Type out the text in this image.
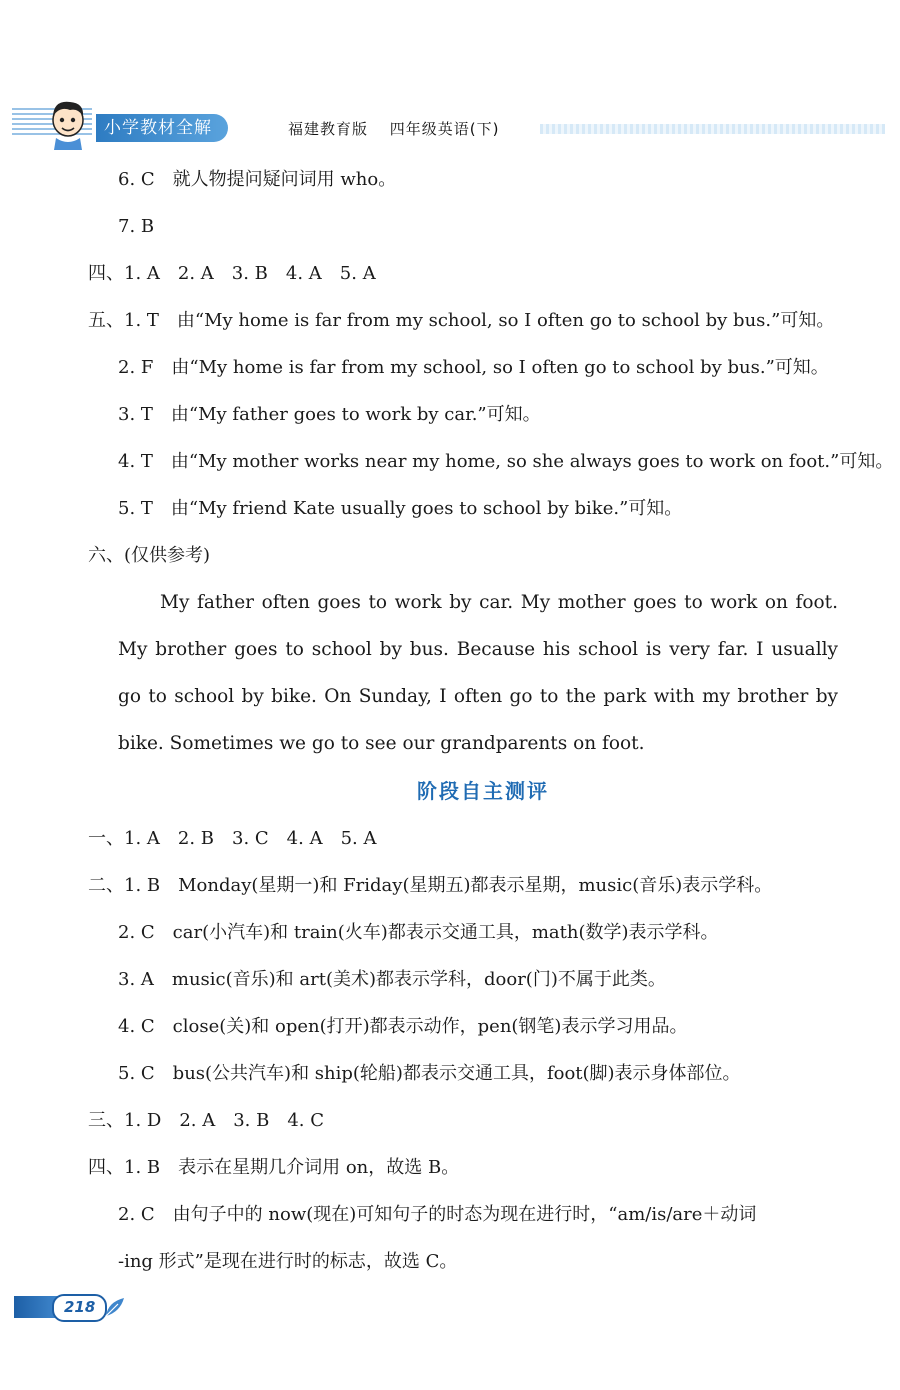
小学教材全解	福建教育版 四年级英语(下)
6. C　就人物提问疑问词用 who。
7. B
四、1. A　2. A　3. B　4. A　5. A
五、1. T　由“My home is far from my school, so I often go to school by bus.”可知。
2. F　由“My home is far from my school, so I often go to school by bus.”可知。
3. T　由“My father goes to work by car.”可知。
4. T　由“My mother works near my home, so she always goes to work on foot.”可知。
5. T　由“My friend Kate usually goes to school by bike.”可知。
六、(仅供参考)

My father often goes to work by car. My mother goes to work on foot. My brother goes to school by bus. Because his school is very far. I usually go to school by bike. On Sunday, I often go to the park with my brother by bike. Sometimes we go to see our grandparents on foot.

阶段自主测评
一、1. A　2. B　3. C　4. A　5. A
二、1. B　Monday(星期一)和 Friday(星期五)都表示星期，music(音乐)表示学科。
2. C　car(小汽车)和 train(火车)都表示交通工具，math(数学)表示学科。
3. A　music(音乐)和 art(美术)都表示学科，door(门)不属于此类。
4. C　close(关)和 open(打开)都表示动作，pen(钢笔)表示学习用品。
5. C　bus(公共汽车)和 ship(轮船)都表示交通工具，foot(脚)表示身体部位。
三、1. D　2. A　3. B　4. C
四、1. B　表示在星期几介词用 on，故选 B。
2. C　由句子中的 now(现在)可知句子的时态为现在进行时，“am/is/are＋动词
-ing 形式”是现在进行时的标志，故选 C。
218
